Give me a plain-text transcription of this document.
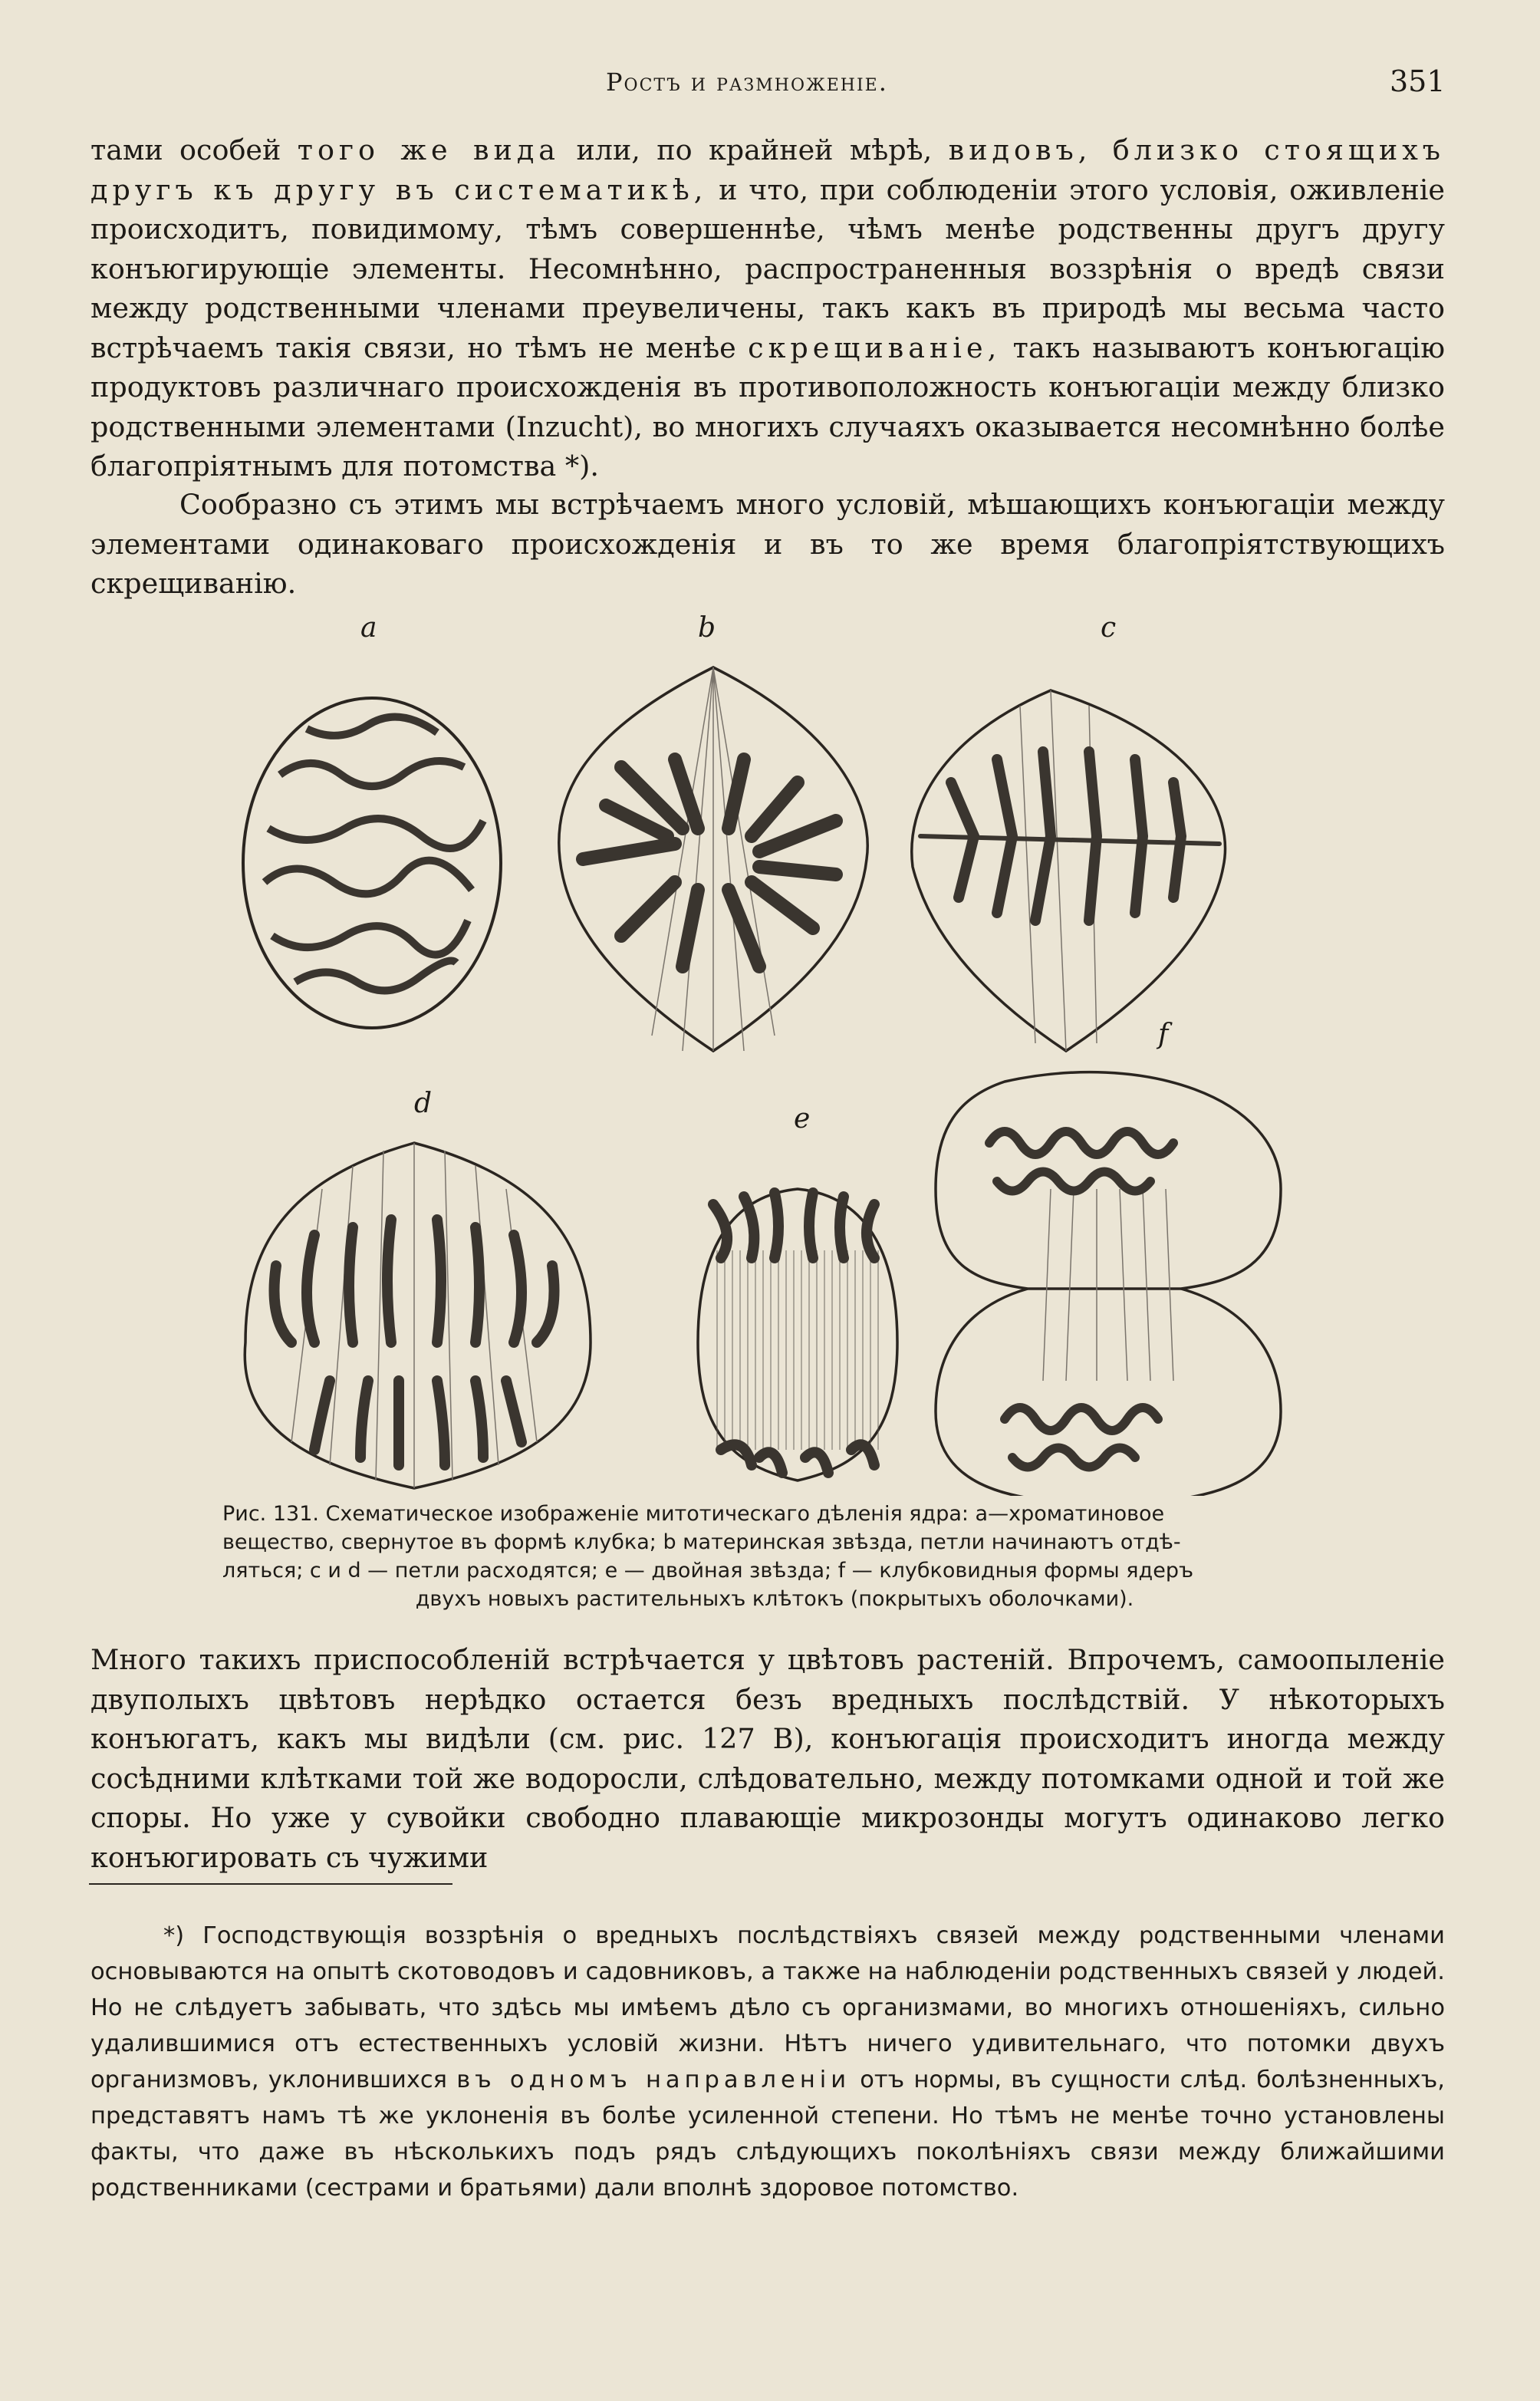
Ростъ и размноженіе.	351

тами особей того же вида или, по крайней мѣрѣ, видовъ, близко стоящихъ другъ къ другу въ систематикѣ, и что, при соблюденіи этого условія, оживленіе происходитъ, повидимому, тѣмъ совершеннѣе, чѣмъ менѣе родственны другъ другу конъюгирующіе элементы. Несомнѣнно, распространенныя воззрѣнія о вредѣ связи между родственными членами преувеличены, такъ какъ въ природѣ мы весьма часто встрѣчаемъ такія связи, но тѣмъ не менѣе скрещиваніе, такъ называютъ конъюгацію продуктовъ различнаго происхожденія въ противоположность конъюгаціи между близко родственными элементами (Inzucht), во многихъ случаяхъ оказывается несомнѣнно болѣе благопріятнымъ для потомства *).

Сообразно съ этимъ мы встрѣчаемъ много условій, мѣшающихъ конъюгаціи между элементами одинаковаго происхожденія и въ то же время благопріятствующихъ скрещиванію.

a	b	c
d	e
f

Рис. 131. Схематическое изображеніе митотическаго дѣленія ядра: a—хроматиновое

вещество, свернутое въ формѣ клубка; b материнская звѣзда, петли начинаютъ отдѣ-

ляться; c и d — петли расходятся; e — двойная звѣзда; f — клубковидныя формы ядеръ

двухъ новыхъ растительныхъ клѣтокъ (покрытыхъ оболочками).

Много такихъ приспособленій встрѣчается у цвѣтовъ растеній. Впрочемъ, самоопыленіе двуполыхъ цвѣтовъ нерѣдко остается безъ вредныхъ послѣдствій. У нѣкоторыхъ конъюгатъ, какъ мы видѣли (см. рис. 127 B), конъюгація происходитъ иногда между сосѣдними клѣтками той же водоросли, слѣдовательно, между потомками одной и той же споры. Но уже у сувойки свободно плавающіе микрозонды могутъ одинаково легко конъюгировать съ чужими

*) Господствующія воззрѣнія о вредныхъ послѣдствіяхъ связей между родственными членами основываются на опытѣ скотоводовъ и садовниковъ, а также на наблюденіи родственныхъ связей у людей. Но не слѣдуетъ забывать, что здѣсь мы имѣемъ дѣло съ организмами, во многихъ отношеніяхъ, сильно удалившимися отъ естественныхъ условій жизни. Нѣтъ ничего удивительнаго, что потомки двухъ организмовъ, уклонившихся въ одномъ направленіи отъ нормы, въ сущности слѣд. болѣзненныхъ, представятъ намъ тѣ же уклоненія въ болѣе усиленной степени. Но тѣмъ не менѣе точно установлены факты, что даже въ нѣсколькихъ подъ рядъ слѣдующихъ поколѣніяхъ связи между ближайшими родственниками (сестрами и братьями) дали вполнѣ здоровое потомство.
